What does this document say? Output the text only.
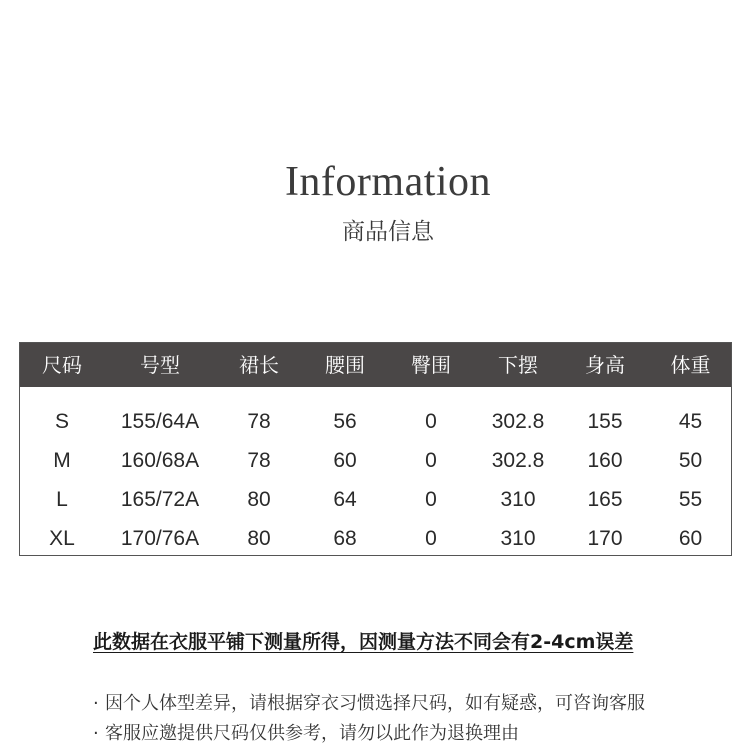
Information
商品信息
尺码	号型	裙长	腰围	臀围	下摆	身高	体重
S	155/64A	78	56	0	302.8	155	45
M	160/68A	78	60	0	302.8	160	50
L	165/72A	80	64	0	310	165	55
XL	170/76A	80	68	0	310	170	60
此数据在衣服平铺下测量所得，因测量方法不同会有2-4cm误差
· 因个人体型差异，请根据穿衣习惯选择尺码，如有疑惑，可咨询客服
· 客服应邀提供尺码仅供参考，请勿以此作为退换理由
